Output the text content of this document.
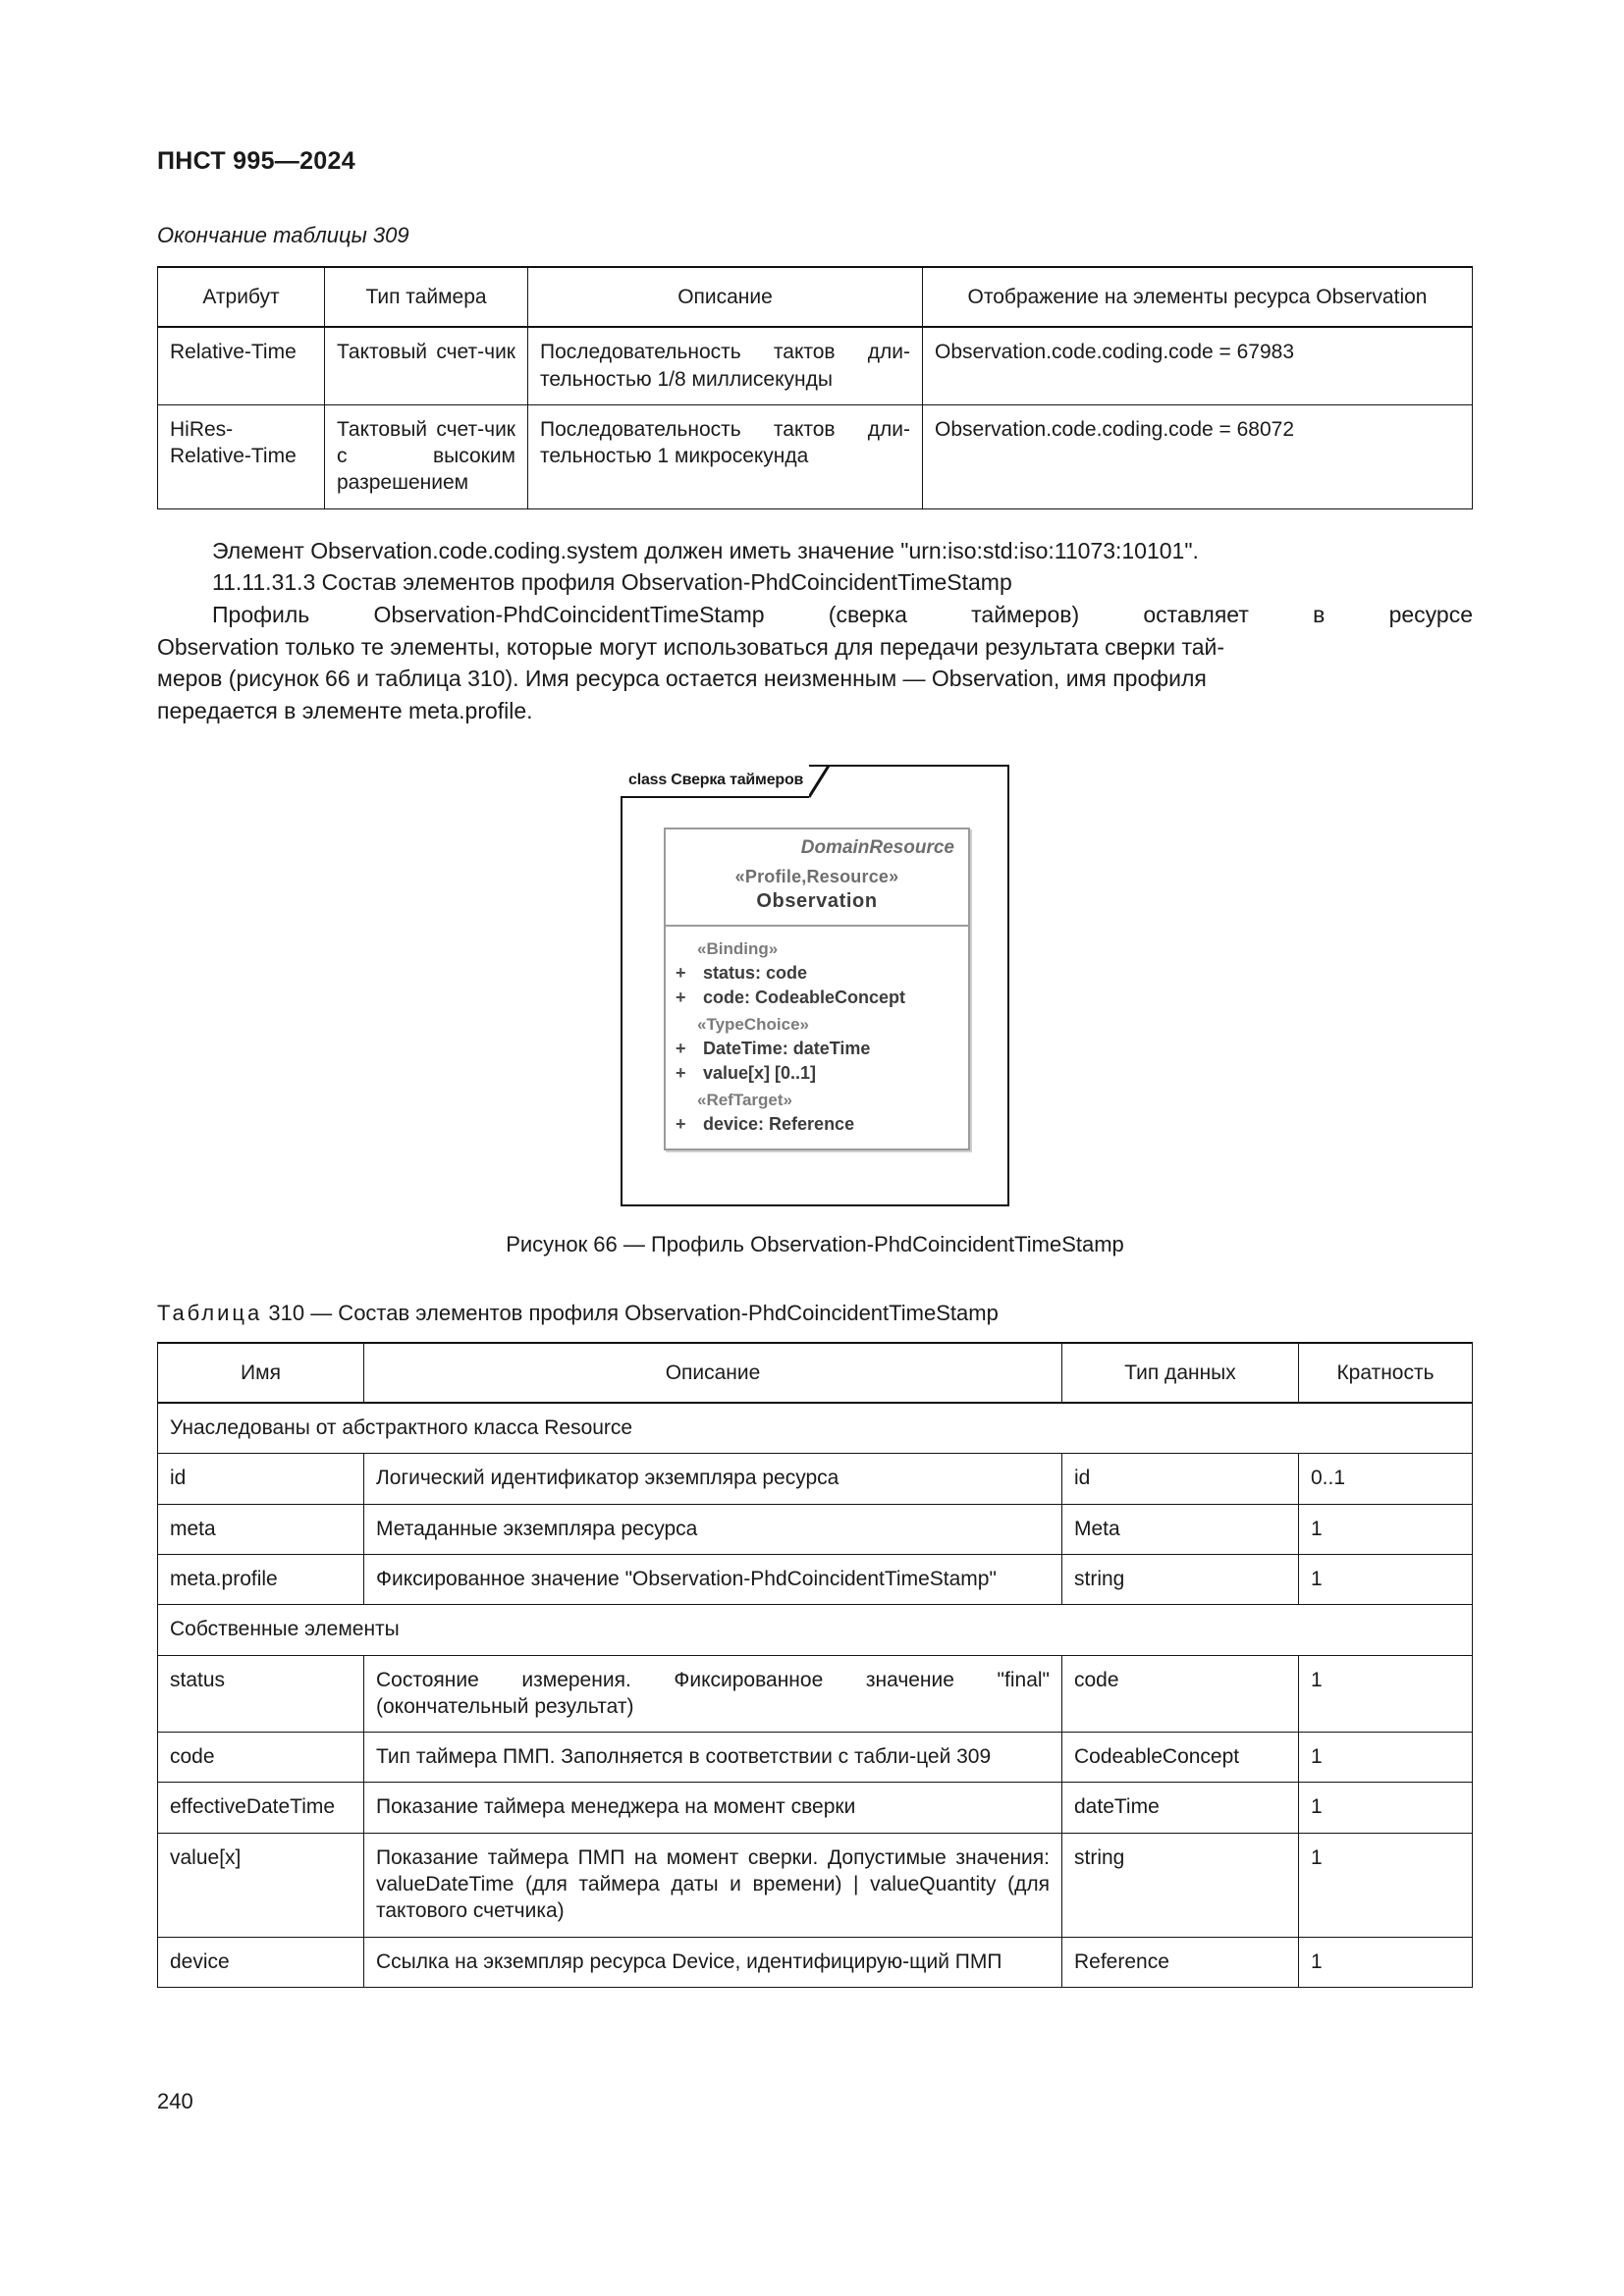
ПНСТ 995—2024
Окончание таблицы 309
Атрибут	Тип таймера	Описание	Отображение на элементы ресурса Observation
Relative-Time	Тактовый счет-чик	Последовательность тактов дли-тельностью 1/8 миллисекунды	Observation.code.coding.code = 67983
HiRes-Relative-Time	Тактовый счет-чик с высоким разрешением	Последовательность тактов дли-тельностью 1 микросекунда	Observation.code.coding.code = 68072

Элемент Observation.code.coding.system должен иметь значение "urn:iso:std:iso:11073:10101".

11.11.31.3 Состав элементов профиля Observation-PhdCoincidentTimeStamp

Профиль Observation-PhdCoincidentTimeStamp (сверка таймеров) оставляет в ресурсе

Observation только те элементы, которые могут использоваться для передачи результата сверки тай-

меров (рисунок 66 и таблица 310). Имя ресурса остается неизменным — Observation, имя профиля

передается в элементе meta.profile.

class Сверка таймеров
DomainResource
«Profile,Resource»
Observation
«Binding»
+ status: code
+ code: CodeableConcept
«TypeChoice»
+ DateTime: dateTime
+ value[x] [0..1]
«RefTarget»
+ device: Reference
Рисунок 66 — Профиль Observation-PhdCoincidentTimeStamp
Таблица 310 — Состав элементов профиля Observation-PhdCoincidentTimeStamp
Имя	Описание	Тип данных	Кратность
Унаследованы от абстрактного класса Resource			
id	Логический идентификатор экземпляра ресурса	id	0..1
meta	Метаданные экземпляра ресурса	Meta	1
meta.profile	Фиксированное значение "Observation-PhdCoincidentTimeStamp"	string	1
Собственные элементы			
status	Состояние измерения. Фиксированное значение "final" (окончательный результат)	code	1
code	Тип таймера ПМП. Заполняется в соответствии с табли-цей 309	CodeableConcept	1
effectiveDateTime	Показание таймера менеджера на момент сверки	dateTime	1
value[x]	Показание таймера ПМП на момент сверки. Допустимые значения: valueDateTime (для таймера даты и времени) | valueQuantity (для тактового счетчика)	string	1
device	Ссылка на экземпляр ресурса Device, идентифицирую-щий ПМП	Reference	1
240
